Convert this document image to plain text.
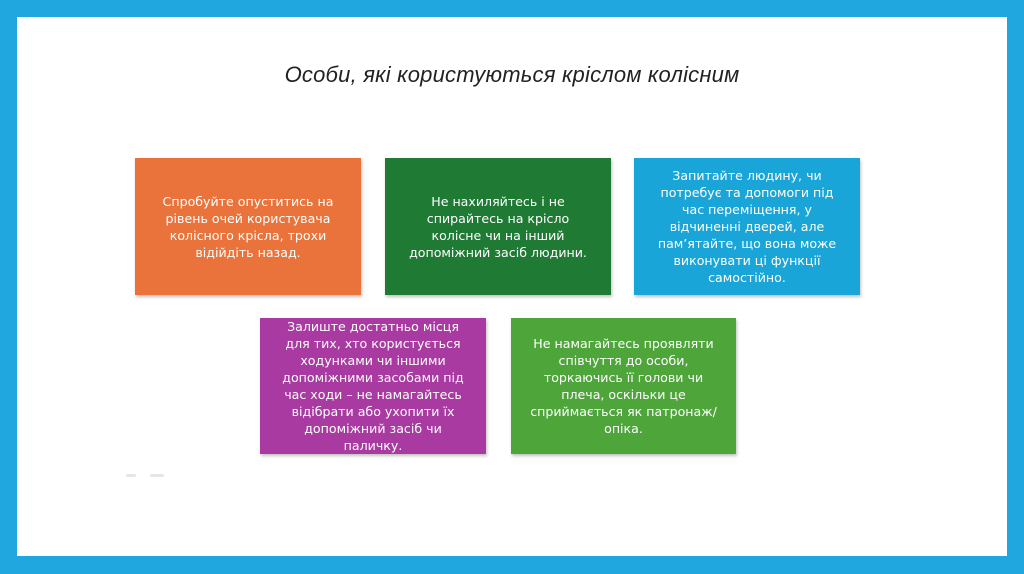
Особи, які користуються кріслом колісним
Спробуйте опуститись на рівень очей користувача колісного крісла, трохи відійдіть назад.
Не нахиляйтесь і не спирайтесь на крісло колісне чи на інший допоміжний засіб людини.
Запитайте людину, чи потребує та допомоги під час переміщення, у відчиненні дверей, але пам’ятайте, що вона може виконувати ці функції самостійно.
Залиште достатньо місця для тих, хто користується ходунками чи іншими допоміжними засобами під час ходи – не намагайтесь відібрати або ухопити їх допоміжний засіб чи паличку.
Не намагайтесь проявляти співчуття до особи, торкаючись її голови чи плеча, оскільки це сприймається як патронаж/опіка.
